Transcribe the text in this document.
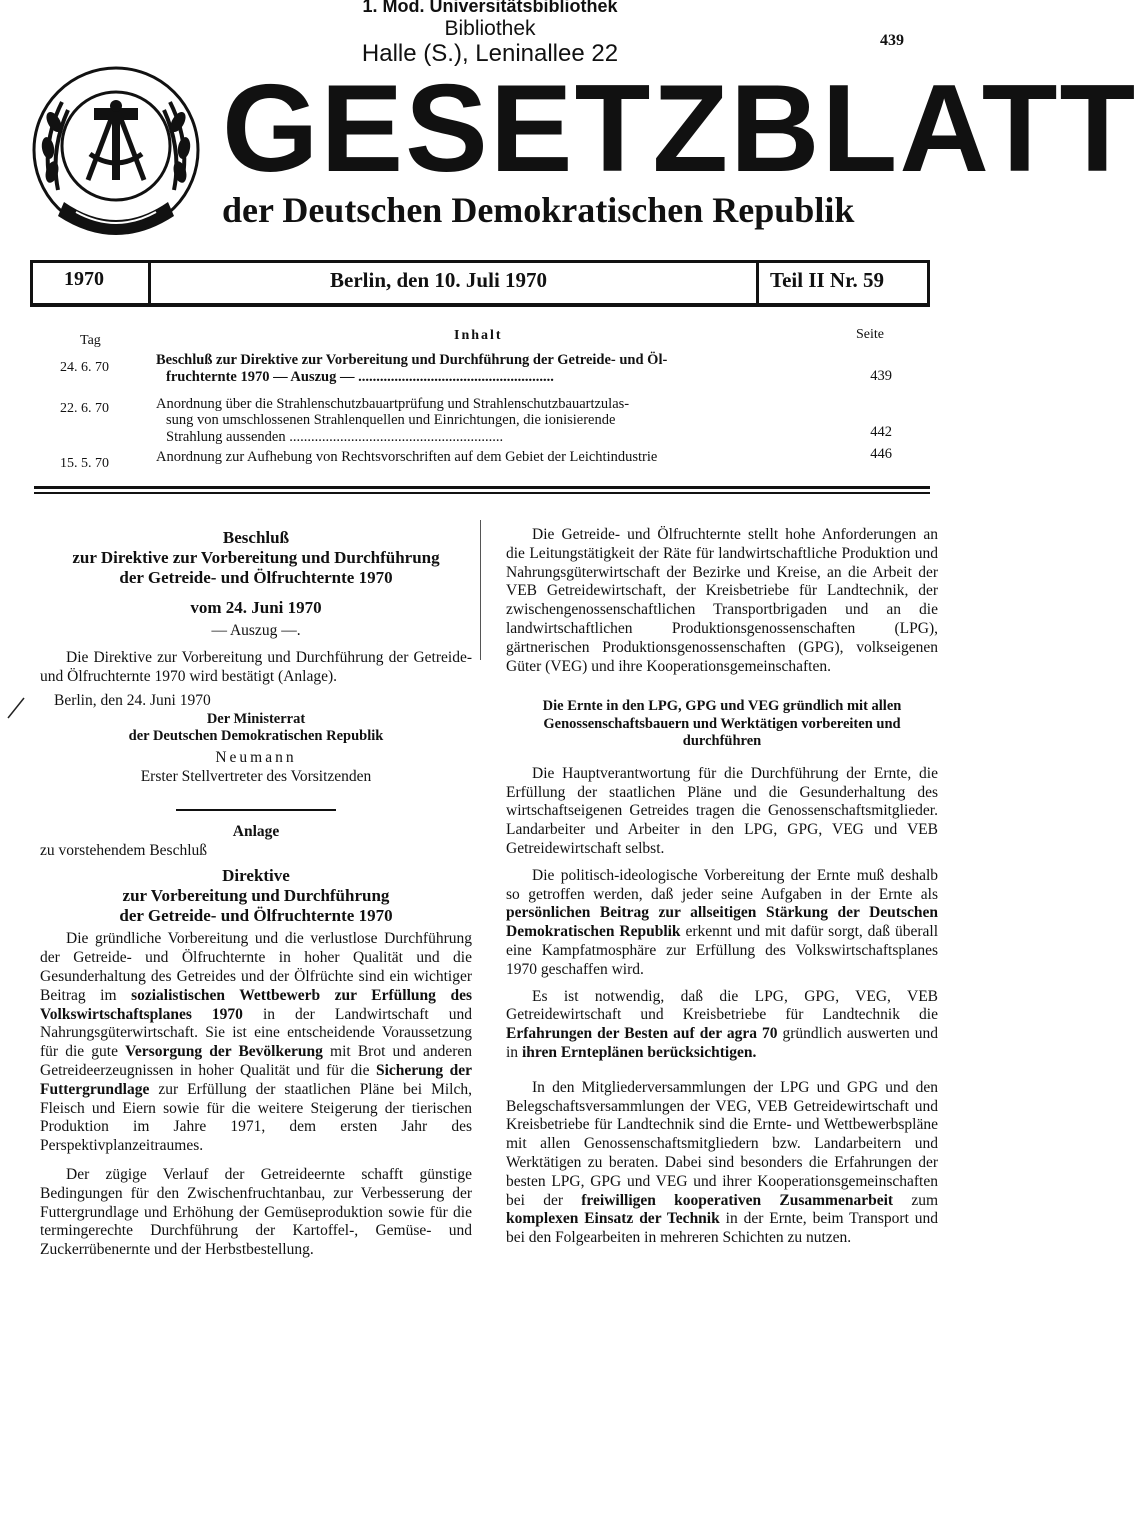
1. Mod. Universitätsbibliothek
Bibliothek
Halle (S.), Leninallee 22	439
GESETZBLATT
der Deutschen Demokratischen Republik
1970	Berlin, den 10. Juli 1970	Teil II Nr. 59
Tag	Inhalt	Seite
24. 6. 70	Beschluß zur Direktive zur Vorbereitung und Durchführung der Getreide- und Öl-
fruchternte 1970 — Auszug — ......................................................	439
22. 6. 70	Anordnung über die Strahlenschutzbauartprüfung und Strahlenschutzbauartzulas-
sung von umschlossenen Strahlenquellen und Einrichtungen, die ionisierende
Strahlung aussenden ...........................................................	442
15. 5. 70	Anordnung zur Aufhebung von Rechtsvorschriften auf dem Gebiet der Leichtindustrie	446
Beschluß
zur Direktive zur Vorbereitung und Durchführung
der Getreide- und Ölfruchternte 1970
vom 24. Juni 1970
— Auszug —.

Die Direktive zur Vorbereitung und Durchführung der Getreide- und Ölfruchternte 1970 wird bestätigt (Anlage).

Berlin, den 24. Juni 1970

Der Ministerrat
der Deutschen Demokratischen Republik
Neumann
Erster Stellvertreter des Vorsitzenden
Anlage
zu vorstehendem Beschluß
Direktive
zur Vorbereitung und Durchführung
der Getreide- und Ölfruchternte 1970

Die gründliche Vorbereitung und die verlustlose Durchführung der Getreide- und Ölfruchternte in hoher Qualität und die Gesunderhaltung des Getreides und der Ölfrüchte sind ein wichtiger Beitrag im sozialistischen Wettbewerb zur Erfüllung des Volkswirtschaftsplanes 1970 in der Landwirtschaft und Nahrungsgüterwirtschaft. Sie ist eine entscheidende Voraussetzung für die gute Versorgung der Bevölkerung mit Brot und anderen Getreideerzeugnissen in hoher Qualität und für die Sicherung der Futtergrundlage zur Erfüllung der staatlichen Pläne bei Milch, Fleisch und Eiern sowie für die weitere Steigerung der tierischen Produktion im Jahre 1971, dem ersten Jahr des Perspektivplanzeitraumes.

Der zügige Verlauf der Getreideernte schafft günstige Bedingungen für den Zwischenfruchtanbau, zur Verbesserung der Futtergrundlage und Erhöhung der Gemüseproduktion sowie für die termingerechte Durchführung der Kartoffel-, Gemüse- und Zuckerrübenernte und der Herbstbestellung.

Die Getreide- und Ölfruchternte stellt hohe Anforderungen an die Leitungstätigkeit der Räte für landwirtschaftliche Produktion und Nahrungsgüterwirtschaft der Bezirke und Kreise, an die Arbeit der VEB Getreidewirtschaft, der Kreisbetriebe für Landtechnik, der zwischengenossenschaftlichen Transportbrigaden und an die landwirtschaftlichen Produktionsgenossenschaften (LPG), gärtnerischen Produktionsgenossenschaften (GPG), volkseigenen Güter (VEG) und ihre Kooperationsgemeinschaften.

Die Ernte in den LPG, GPG und VEG gründlich mit allen Genossenschaftsbauern und Werktätigen vorbereiten und durchführen

Die Hauptverantwortung für die Durchführung der Ernte, die Erfüllung der staatlichen Pläne und die Gesunderhaltung des wirtschaftseigenen Getreides tragen die Genossenschaftsmitglieder. Landarbeiter und Arbeiter in den LPG, GPG, VEG und VEB Getreidewirtschaft selbst.

Die politisch-ideologische Vorbereitung der Ernte muß deshalb so getroffen werden, daß jeder seine Aufgaben in der Ernte als persönlichen Beitrag zur allseitigen Stärkung der Deutschen Demokratischen Republik erkennt und mit dafür sorgt, daß überall eine Kampfatmosphäre zur Erfüllung des Volkswirtschaftsplanes 1970 geschaffen wird.

Es ist notwendig, daß die LPG, GPG, VEG, VEB Getreidewirtschaft und Kreisbetriebe für Landtechnik die Erfahrungen der Besten auf der agra 70 gründlich auswerten und in ihren Ernteplänen berücksichtigen.

In den Mitgliederversammlungen der LPG und GPG und den Belegschaftsversammlungen der VEG, VEB Getreidewirtschaft und Kreisbetriebe für Landtechnik sind die Ernte- und Wettbewerbspläne mit allen Genossenschaftsmitgliedern bzw. Landarbeitern und Werktätigen zu beraten. Dabei sind besonders die Erfahrungen der besten LPG, GPG und VEG und ihrer Kooperationsgemeinschaften bei der freiwilligen kooperativen Zusammenarbeit zum komplexen Einsatz der Technik in der Ernte, beim Transport und bei den Folgearbeiten in mehreren Schichten zu nutzen.
